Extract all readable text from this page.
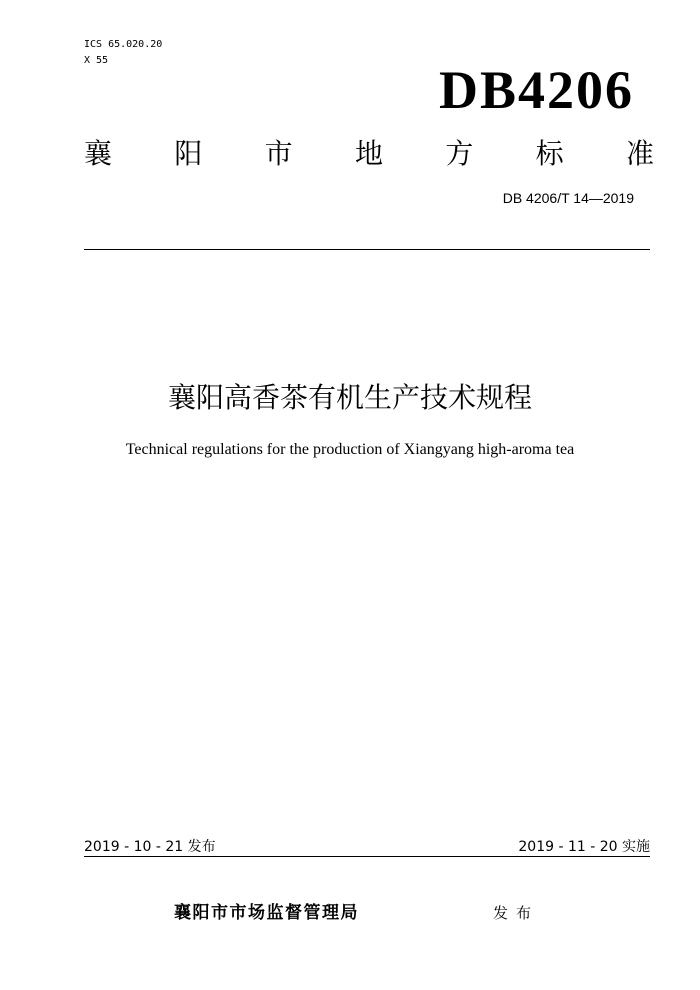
ICS 65.020.20
X 55	DB4206
襄 阳 市 地 方 标 准
DB 4206/T 14—2019
襄阳高香茶有机生产技术规程
Technical regulations for the production of Xiangyang high-aroma tea
2019 - 10 - 21 发布	2019 - 11 - 20 实施
襄阳市市场监督管理局	发布
